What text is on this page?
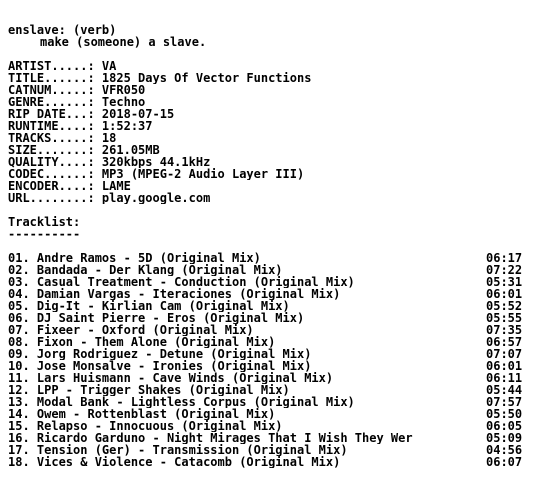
enslave: (verb)
make (someone) a slave.
ARTIST.....: VA
TITLE......: 1825 Days Of Vector Functions
CATNUM.....: VFR050
GENRE......: Techno
RIP DATE...: 2018-07-15
RUNTIME....: 1:52:37
TRACKS.....: 18
SIZE.......: 261.05MB
QUALITY....: 320kbps 44.1kHz
CODEC......: MP3 (MPEG-2 Audio Layer III)
ENCODER....: LAME
URL........: play.google.com
Tracklist:
----------
01. Andre Ramos - 5D (Original Mix)	06:17
02. Bandada - Der Klang (Original Mix)	07:22
03. Casual Treatment - Conduction (Original Mix)	05:31
04. Damian Vargas - Iteraciones (Original Mix)	06:01
05. Dig-It - Kirlian Cam (Original Mix)	05:52
06. DJ Saint Pierre - Eros (Original Mix)	05:55
07. Fixeer - Oxford (Original Mix)	07:35
08. Fixon - Them Alone (Original Mix)	06:57
09. Jorg Rodriguez - Detune (Original Mix)	07:07
10. Jose Monsalve - Ironies (Original Mix)	06:01
11. Lars Huismann - Cave Winds (Original Mix)	06:11
12. LPP - Trigger Shakes (Original Mix)	05:44
13. Modal Bank - Lightless Corpus (Original Mix)	07:57
14. Owem - Rottenblast (Original Mix)	05:50
15. Relapso - Innocuous (Original Mix)	06:05
16. Ricardo Garduno - Night Mirages That I Wish They Wer	05:09
17. Tension (Ger) - Transmission (Original Mix)	04:56
18. Vices & Violence - Catacomb (Original Mix)	06:07
